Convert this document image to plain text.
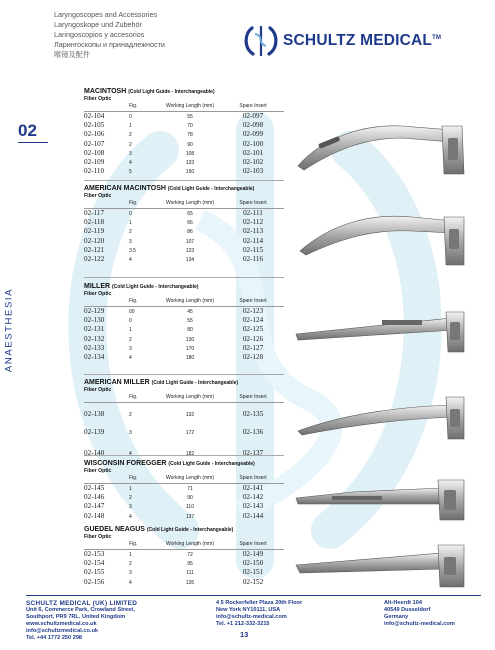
Laryngoscopes and Accessories
Laryngoskope und Zubehör
Laringoscopios y accesorios
Ларингоскопы и принадлежности
喉镜及配件
SCHULTZ MEDICAL™
02
ANAESTHESIA
MACINTOSH (Cold Light Guide - Interchangeable)
Fiber Optic
Fig.	Working Length (mm)	Spare Insert
02-104	0	55	02-097
02-105	1	70	02-098
02-106	2	78	02-099
02-107	2	90	02-100
02-108	3	108	02-101
02-109	4	133	02-102
02-110	5	150	02-103
AMERICAN MACINTOSH (Cold Light Guide - Interchangeable)
Fiber Optic
Fig.	Working Length (mm)	Spare Insert
02-117	0	65	02-111
02-118	1	66	02-112
02-119	2	86	02-113
02-120	3	107	02-114
02-121	3.5	123	02-115
02-122	4	134	02-116
MILLER (Cold Light Guide - Interchangeable)
Fiber Optic
Fig.	Working Length (mm)	Spare Insert
02-129	00	45	02-123
02-130	0	55	02-124
02-131	1	80	02-125
02-132	2	130	02-126
02-133	3	170	02-127
02-134	4	180	02-128
AMERICAN MILLER (Cold Light Guide - Interchangeable)
Fiber Optic
Fig.	Working Length (mm)	Spare Insert
02-138	2	132	02-135
02-139	3	172	02-136
02-140	4	182	02-137
WISCONSIN FOREGGER (Cold Light Guide - Interchangeable)
Fiber Optic
Fig.	Working Length (mm)	Spare Insert
02-145	1	71	02-141
02-146	2	90	02-142
02-147	3	110	02-143
02-148	4	137	02-144
GUEDEL NEAGUS (Cold Light Guide - Interchangeable)
Fiber Optic
Fig.	Working Length (mm)	Spare Insert
02-153	1	72	02-149
02-154	2	95	02-150
02-155	3	111	02-151
02-156	4	135	02-152
SCHULTZ MEDICAL (UK) LIMITED
Unit 6, Commerce Park, Crowland Street,
Southport, PR9 7RL. United Kingdom
www.schultzmedical.co.uk
info@schultzmedical.co.uk
Tel. +44 1772 250 298
4 5 Rockerfeller Plaza 20th Floor
New York NY10111, USA
info@schultz-medical.com
Tel. +1 212-332-3215
Alt-Heerdt 104
40549 Dusseldorf
Germany
info@schultz-medical.com
13
